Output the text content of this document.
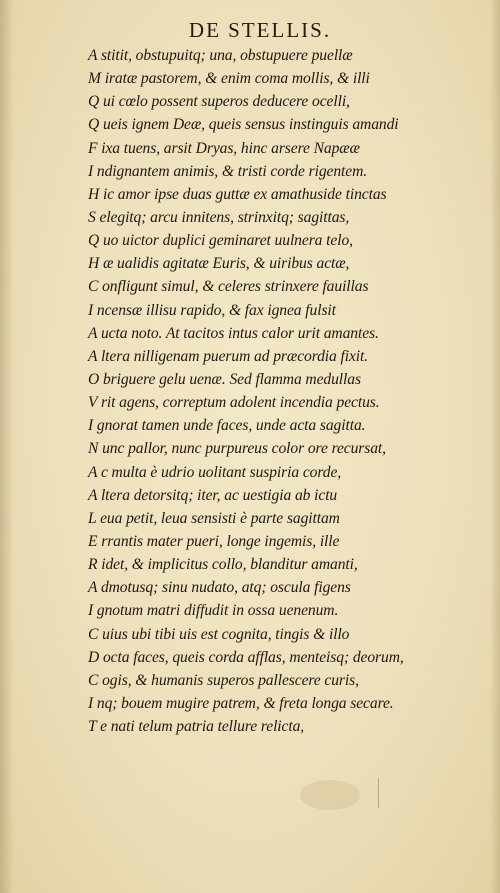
DE STELLIS.
A stitit, obstupuitq; una, obstupuere puellæ
M iratæ pastorem, & enim coma mollis, & illi
Q ui cœlo possent superos deducere ocelli,
Q ueis ignem Deæ, queis sensus instinguis amandi
F ixa tuens, arsit Dryas, hinc arsere Napææ
I ndignantem animis, & tristi corde rigentem.
H ic amor ipse duas guttæ ex amathuside tinctas
S elegitq; arcu innitens, strinxitq; sagittas,
Q uo uictor duplici geminaret uulnera telo,
H æ ualidis agitatæ Euris, & uiribus actæ,
C onfligunt simul, & celeres strinxere fauillas
I ncensæ illisu rapido, & fax ignea fulsit
A ucta noto. At tacitos intus calor urit amantes.
A ltera nilligenam puerum ad præcordia fixit.
O briguere gelu uenæ. Sed flamma medullas
V rit agens, correptum adolent incendia pectus.
I gnorat tamen unde faces, unde acta sagitta.
N unc pallor, nunc purpureus color ore recursat,
A c multa è udrio uolitant suspiria corde,
A ltera detorsitq; iter, ac uestigia ab ictu
L eua petit, leua sensisti è parte sagittam
E rrantis mater pueri, longe ingemis, ille
R idet, & implicitus collo, blanditur amanti,
A dmotusq; sinu nudato, atq; oscula figens
I gnotum matri diffudit in ossa uenenum.
C uius ubi tibi uis est cognita, tingis & illo
D octa faces, queis corda afflas, menteisq; deorum,
C ogis, & humanis superos pallescere curis,
I nq; bouem mugire patrem, & freta longa secare.
T e nati telum patria tellure relicta,
